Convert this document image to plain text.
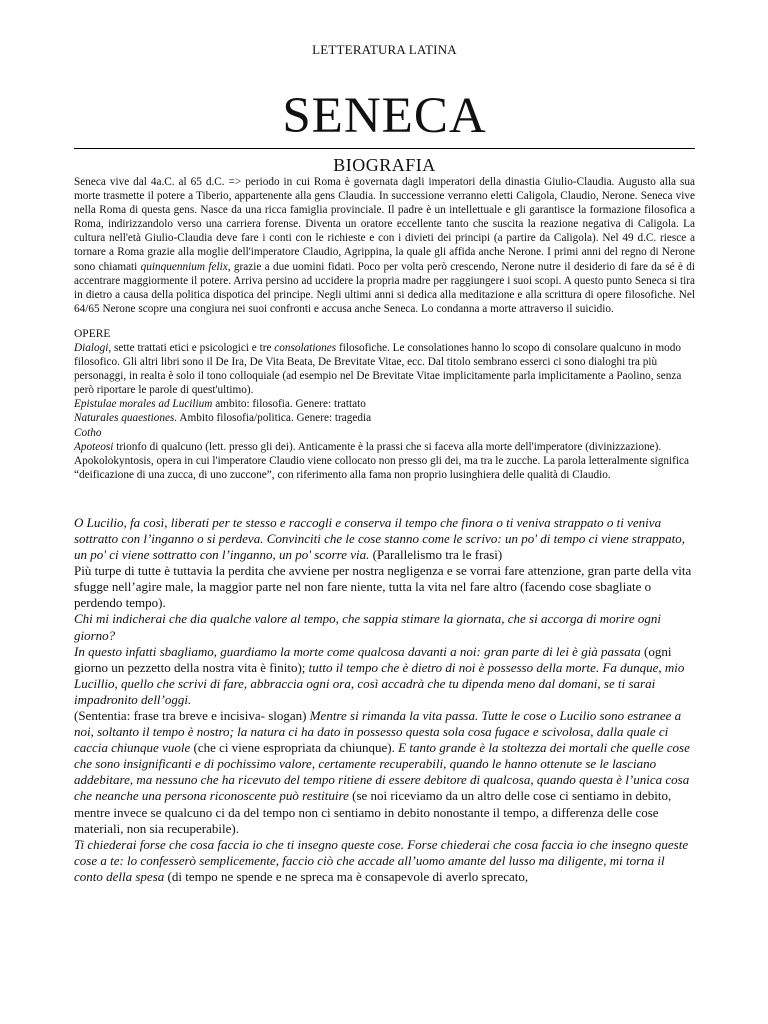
LETTERATURA LATINA
SENECA
BIOGRAFIA

Seneca vive dal 4a.C. al 65 d.C. => periodo in cui Roma è governata dagli imperatori della dinastia Giulio-Claudia. Augusto alla sua morte trasmette il potere a Tiberio, appartenente alla gens Claudia. In successione verranno eletti Caligola, Claudio, Nerone. Seneca vive nella Roma di questa gens. Nasce da una ricca famiglia provinciale. Il padre è un intellettuale e gli garantisce la formazione filosofica a Roma, indirizzandolo verso una carriera forense. Diventa un oratore eccellente tanto che suscita la reazione negativa di Caligola. La cultura nell'età Giulio-Claudia deve fare i conti con le richieste e con i divieti dei principi (a partire da Caligola). Nel 49 d.C. riesce a tornare a Roma grazie alla moglie dell'imperatore Claudio, Agrippina, la quale gli affida anche Nerone. I primi anni del regno di Nerone sono chiamati quinquennium felix, grazie a due uomini fidati. Poco per volta però crescendo, Nerone nutre il desiderio di fare da sé è di accentrare maggiormente il potere. Arriva persino ad uccidere la propria madre per raggiungere i suoi scopi. A questo punto Seneca si tira in dietro a causa della politica dispotica del principe. Negli ultimi anni si dedica alla meditazione e alla scrittura di opere filosofiche. Nel 64/65 Nerone scopre una congiura nei suoi confronti e accusa anche Seneca. Lo condanna a morte attraverso il suicidio.

OPERE

Dialogi, sette trattati etici e psicologici e tre consolationes filosofiche. Le consolationes hanno lo scopo di consolare qualcuno in modo filosofico. Gli altri libri sono il De Ira, De Vita Beata, De Brevitate Vitae, ecc. Dal titolo sembrano esserci ci sono dialoghi tra più personaggi, in realta è solo il tono colloquiale (ad esempio nel De Brevitate Vitae implicitamente parla implicitamente a Paolino, senza però riportare le parole di quest'ultimo).

Epistulae morales ad Lucilium ambito: filosofia. Genere: trattato

Naturales quaestiones. Ambito filosofia/politica. Genere: tragedia

Cotho

Apoteosi trionfo di qualcuno (lett. presso gli dei). Anticamente è la prassi che si faceva alla morte dell'imperatore (divinizzazione).

Apokolokyntosis, opera in cui l'imperatore Claudio viene collocato non presso gli dei, ma tra le zucche. La parola letteralmente significa “deificazione di una zucca, di uno zuccone”, con riferimento alla fama non proprio lusinghiera delle qualità di Claudio.

O Lucilio, fa così, liberati per te stesso e raccogli e conserva il tempo che finora o ti veniva strappato o ti veniva sottratto con l’inganno o si perdeva. Convinciti che le cose stanno come le scrivo: un po' di tempo ci viene strappato, un po' ci viene sottratto con l’inganno, un po' scorre via. (Parallelismo tra le frasi)

Più turpe di tutte è tuttavia la perdita che avviene per nostra negligenza e se vorrai fare attenzione, gran parte della vita sfugge nell’agire male, la maggior parte nel non fare niente, tutta la vita nel fare altro (facendo cose sbagliate o perdendo tempo).

Chi mi indicherai che dia qualche valore al tempo, che sappia stimare la giornata, che si accorga di morire ogni giorno?

In questo infatti sbagliamo, guardiamo la morte come qualcosa davanti a noi: gran parte di lei è già passata (ogni giorno un pezzetto della nostra vita è finito); tutto il tempo che è dietro di noi è possesso della morte. Fa dunque, mio Lucillio, quello che scrivi di fare, abbraccia ogni ora, così accadrà che tu dipenda meno dal domani, se ti sarai impadronito dell’oggi.

(Sententia: frase tra breve e incisiva- slogan) Mentre si rimanda la vita passa. Tutte le cose o Lucilio sono estranee a noi, soltanto il tempo è nostro; la natura ci ha dato in possesso questa sola cosa fugace e scivolosa, dalla quale ci caccia chiunque vuole (che ci viene espropriata da chiunque). E tanto grande è la stoltezza dei mortali che quelle cose che sono insignificanti e di pochissimo valore, certamente recuperabili, quando le hanno ottenute se le lasciano addebitare, ma nessuno che ha ricevuto del tempo ritiene di essere debitore di qualcosa, quando questa è l’unica cosa che neanche una persona riconoscente può restituire (se noi riceviamo da un altro delle cose ci sentiamo in debito, mentre invece se qualcuno ci da del tempo non ci sentiamo in debito nonostante il tempo, a differenza delle cose materiali, non sia recuperabile).

Ti chiederai forse che cosa faccia io che ti insegno queste cose. Forse chiederai che cosa faccia io che insegno queste cose a te: lo confesserò semplicemente, faccio ciò che accade all’uomo amante del lusso ma diligente, mi torna il conto della spesa (di tempo ne spende e ne spreca ma è consapevole di averlo sprecato,
